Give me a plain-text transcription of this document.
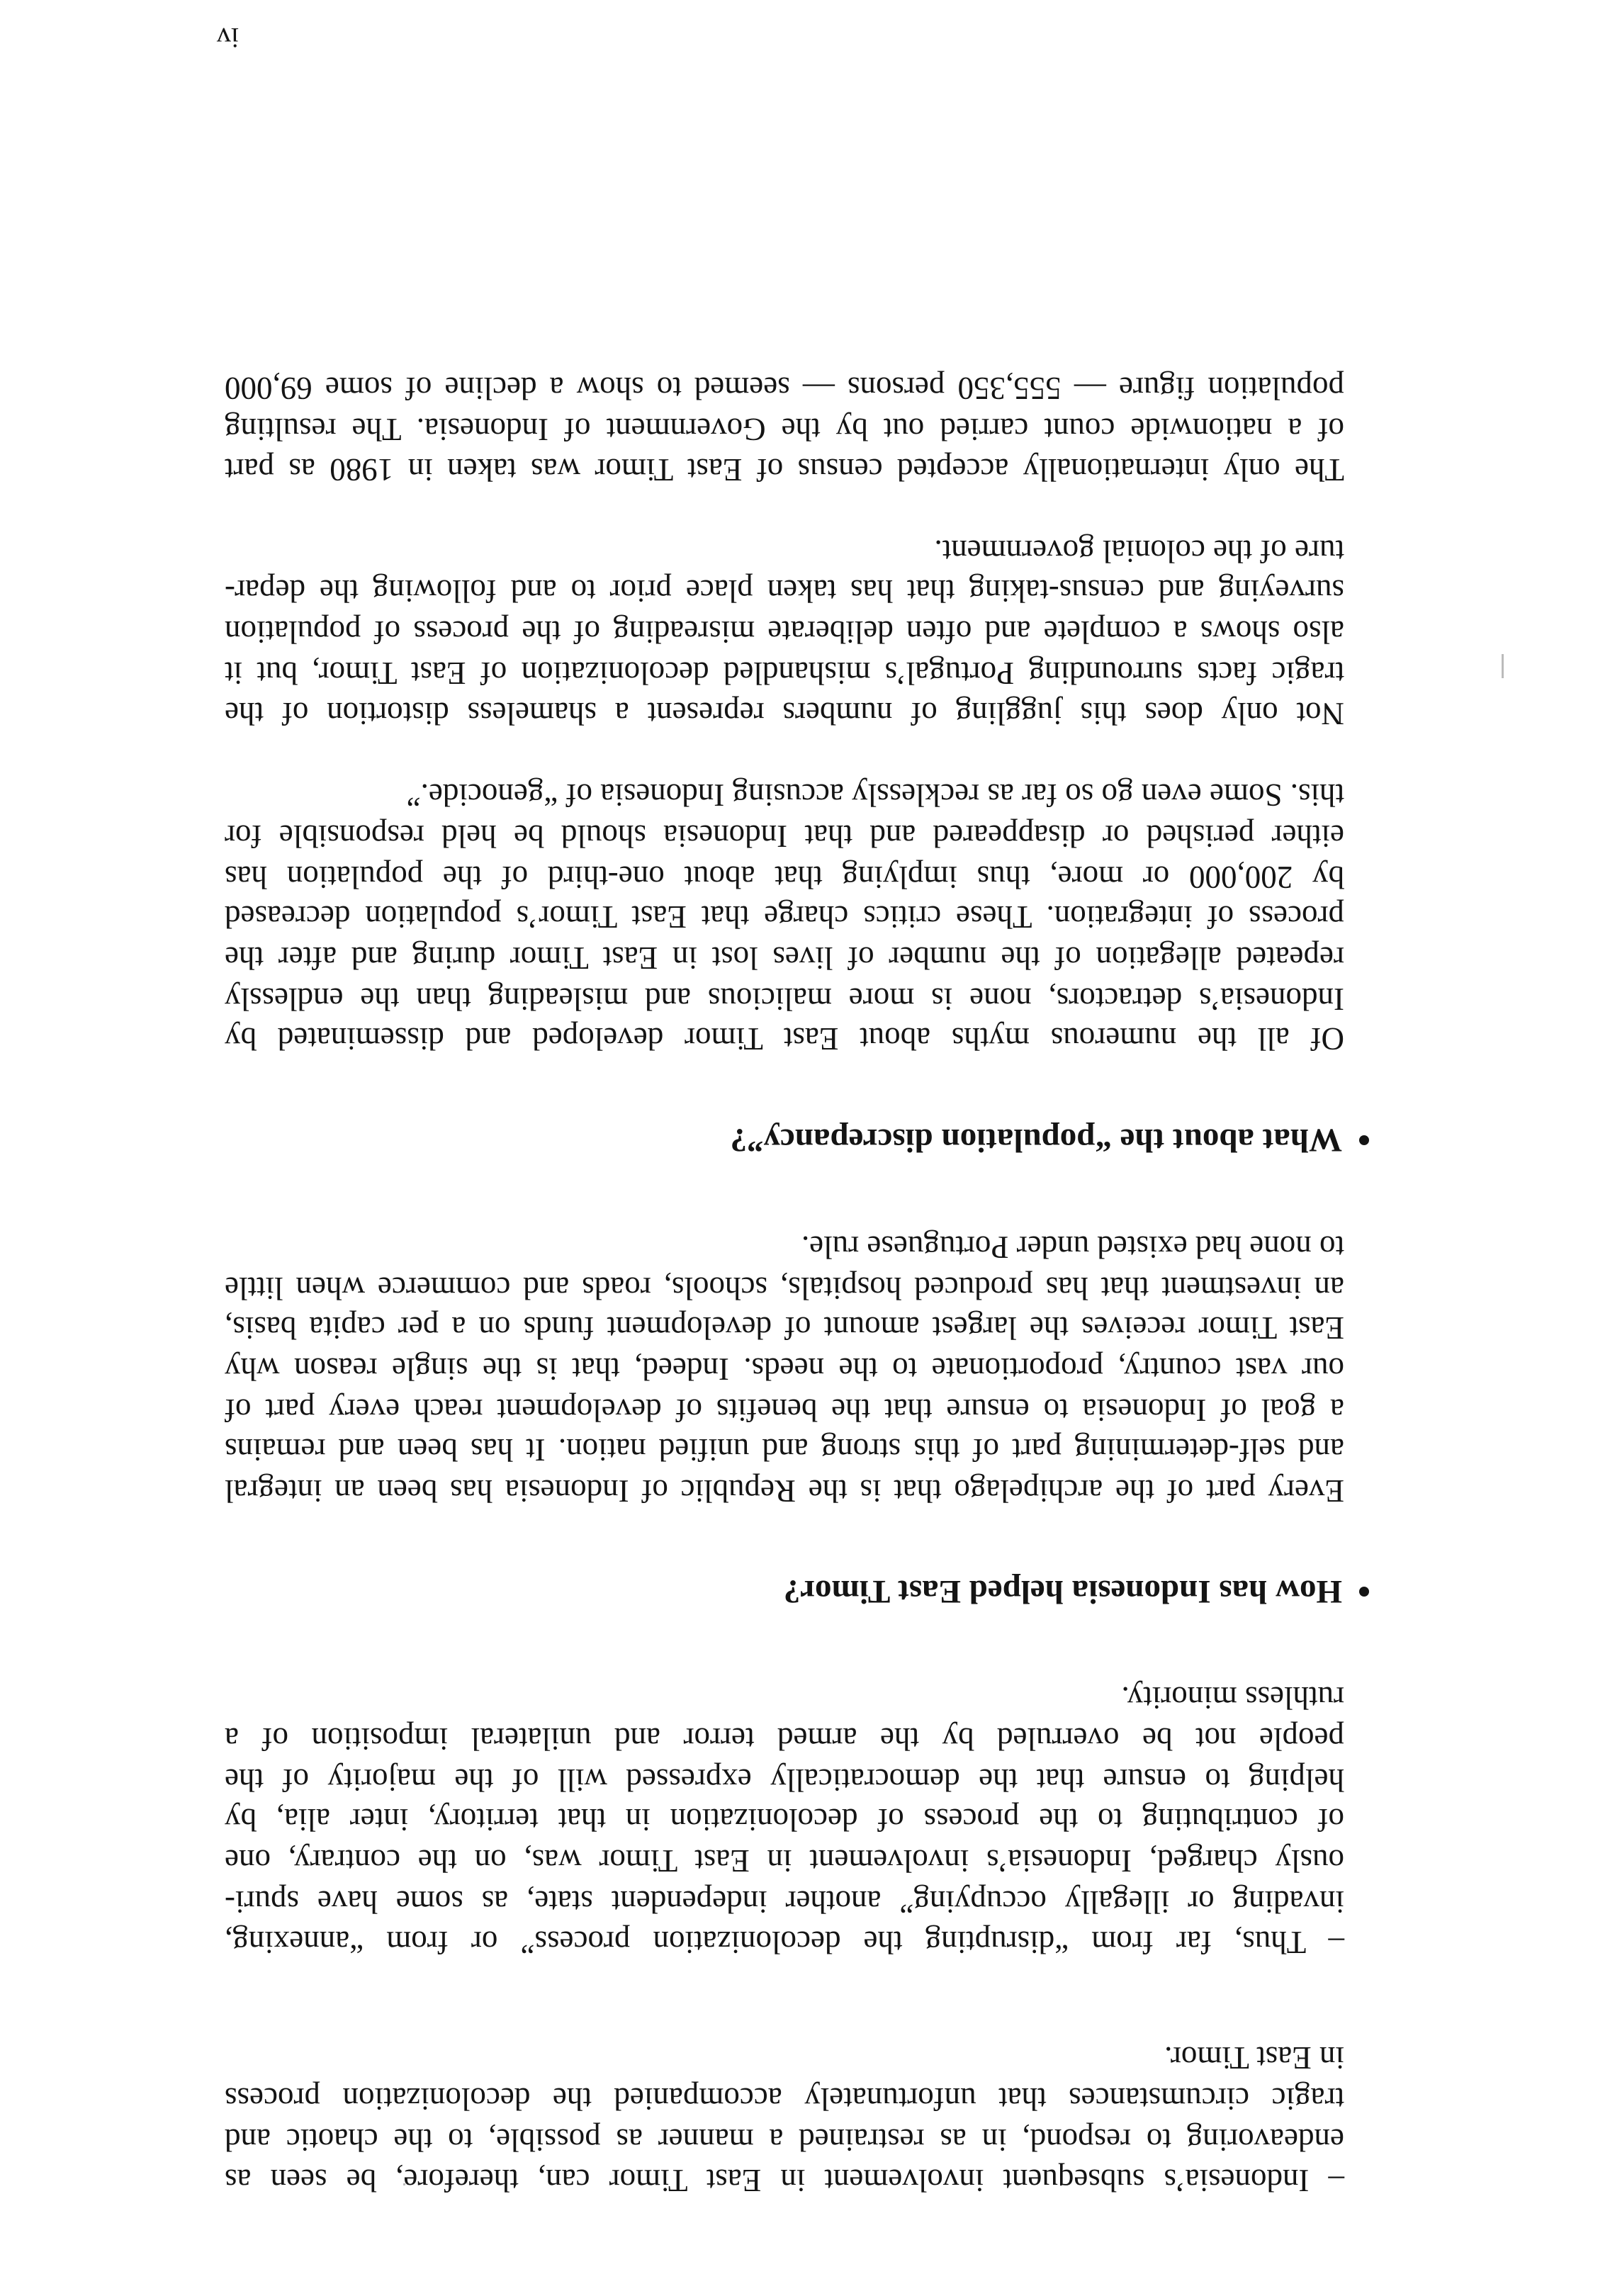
– Indonesia’s subsequent involvement in East Timor can, therefore, be seen as
endeavoring to respond, in as restrained a manner as possible, to the chaotic and
tragic circumstances that unfortunately accompanied the decolonization process
in East Timor.
– Thus, far from “disrupting the decolonization process” or from “annexing,
invading or illegally occupying” another independent state, as some have spuri-
ously charged, Indonesia’s involvement in East Timor was, on the contrary, one
of contributing to the process of decolonization in that territory, inter alia, by
helping to ensure that the democratically expressed will of the majority of the
people not be overruled by the armed terror and unilateral imposition of a
ruthless minority.
How has Indonesia helped East Timor?
Every part of the archipelago that is the Republic of Indonesia has been an integral
and self-determining part of this strong and unified nation. It has been and remains
a goal of Indonesia to ensure that the benefits of development reach every part of
our vast country, proportionate to the needs. Indeed, that is the single reason why
East Timor receives the largest amount of development funds on a per capita basis,
an investment that has produced hospitals, schools, roads and commerce when little
to none had existed under Portuguese rule.
What about the “population discrepancy”?
Of all the numerous myths about East Timor developed and disseminated by
Indonesia’s detractors, none is more malicious and misleading than the endlessly
repeated allegation of the number of lives lost in East Timor during and after the
process of integration. These critics charge that East Timor’s population decreased
by 200,000 or more, thus implying that about one-third of the population has
either perished or disappeared and that Indonesia should be held responsible for
this. Some even go so far as recklessly accusing Indonesia of “genocide.”
Not only does this juggling of numbers represent a shameless distortion of the
tragic facts surrounding Portugal’s mishandled decolonization of East Timor, but it
also shows a complete and often deliberate misreading of the process of population
surveying and census-taking that has taken place prior to and following the depar-
ture of the colonial government.
The only internationally accepted census of East Timor was taken in 1980 as part
of a nationwide count carried out by the Government of Indonesia. The resulting
population figure — 555,350 persons — seemed to show a decline of some 69,000
iv
